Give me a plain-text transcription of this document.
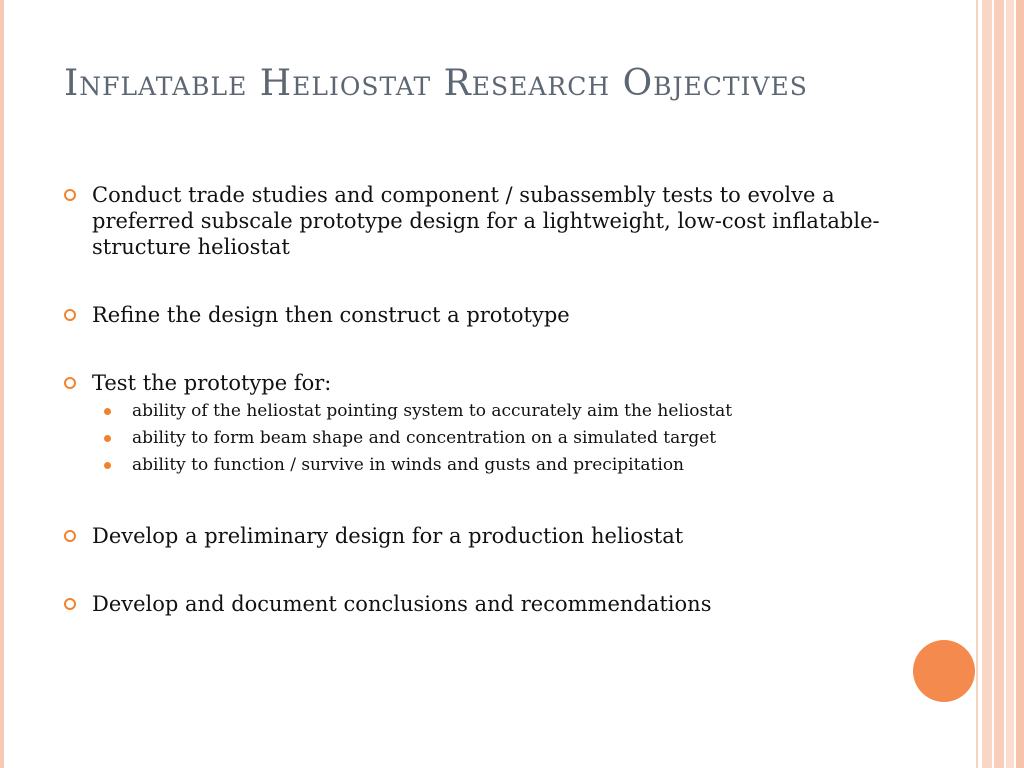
Inflatable Heliostat Research Objectives
Conduct trade studies and component / subassembly tests to evolve a preferred subscale prototype design for a lightweight, low-cost inflatable-structure heliostat
Refine the design then construct a prototype
Test the prototype for:
ability of the heliostat pointing system to accurately aim the heliostat
ability to form beam shape and concentration on a simulated target
ability to function / survive in winds and gusts and precipitation
Develop a preliminary design for a production heliostat
Develop and document conclusions and recommendations
